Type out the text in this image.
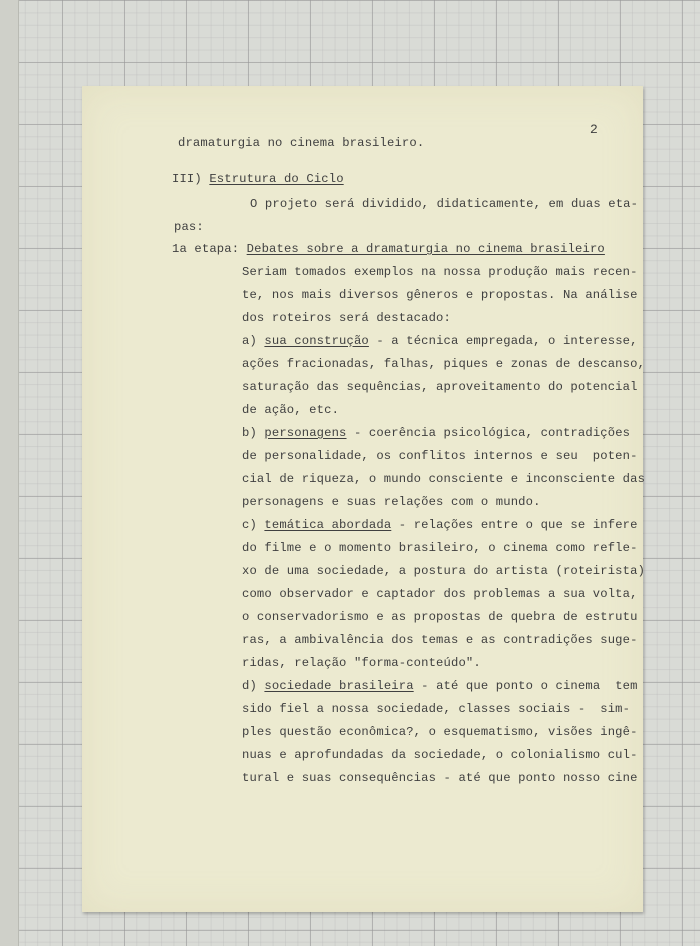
2
dramaturgia no cinema brasileiro.
III) Estrutura do Ciclo
O projeto será dividido, didaticamente, em duas eta-
pas:
1a etapa: Debates sobre a dramaturgia no cinema brasileiro
Seriam tomados exemplos na nossa produção mais recen-
te, nos mais diversos gêneros e propostas. Na análise
dos roteiros será destacado:
a) sua construção - a técnica empregada, o interesse,
ações fracionadas, falhas, piques e zonas de descanso,
saturação das sequências, aproveitamento do potencial
de ação, etc.
b) personagens - coerência psicológica, contradições
de personalidade, os conflitos internos e seu  poten-
cial de riqueza, o mundo consciente e inconsciente das
personagens e suas relações com o mundo.
c) temática abordada - relações entre o que se infere
do filme e o momento brasileiro, o cinema como reflе-
xo de uma sociedade, a postura do artista (roteirista)
como observador e captador dos problemas a sua volta,
o conservadorismo e as propostas de quebra de estrutu
ras, a ambivalência dos temas e as contradições suge-
ridas, relação "forma-conteúdo".
d) sociedade brasileira - até que ponto o cinema  tem
sido fiel a nossa sociedade, classes sociais -  sim-
ples questão econômica?, o esquematismo, visões ingê-
nuas e aprofundadas da sociedade, o colonialismo cul-
tural e suas consequências - até que ponto nosso cine
